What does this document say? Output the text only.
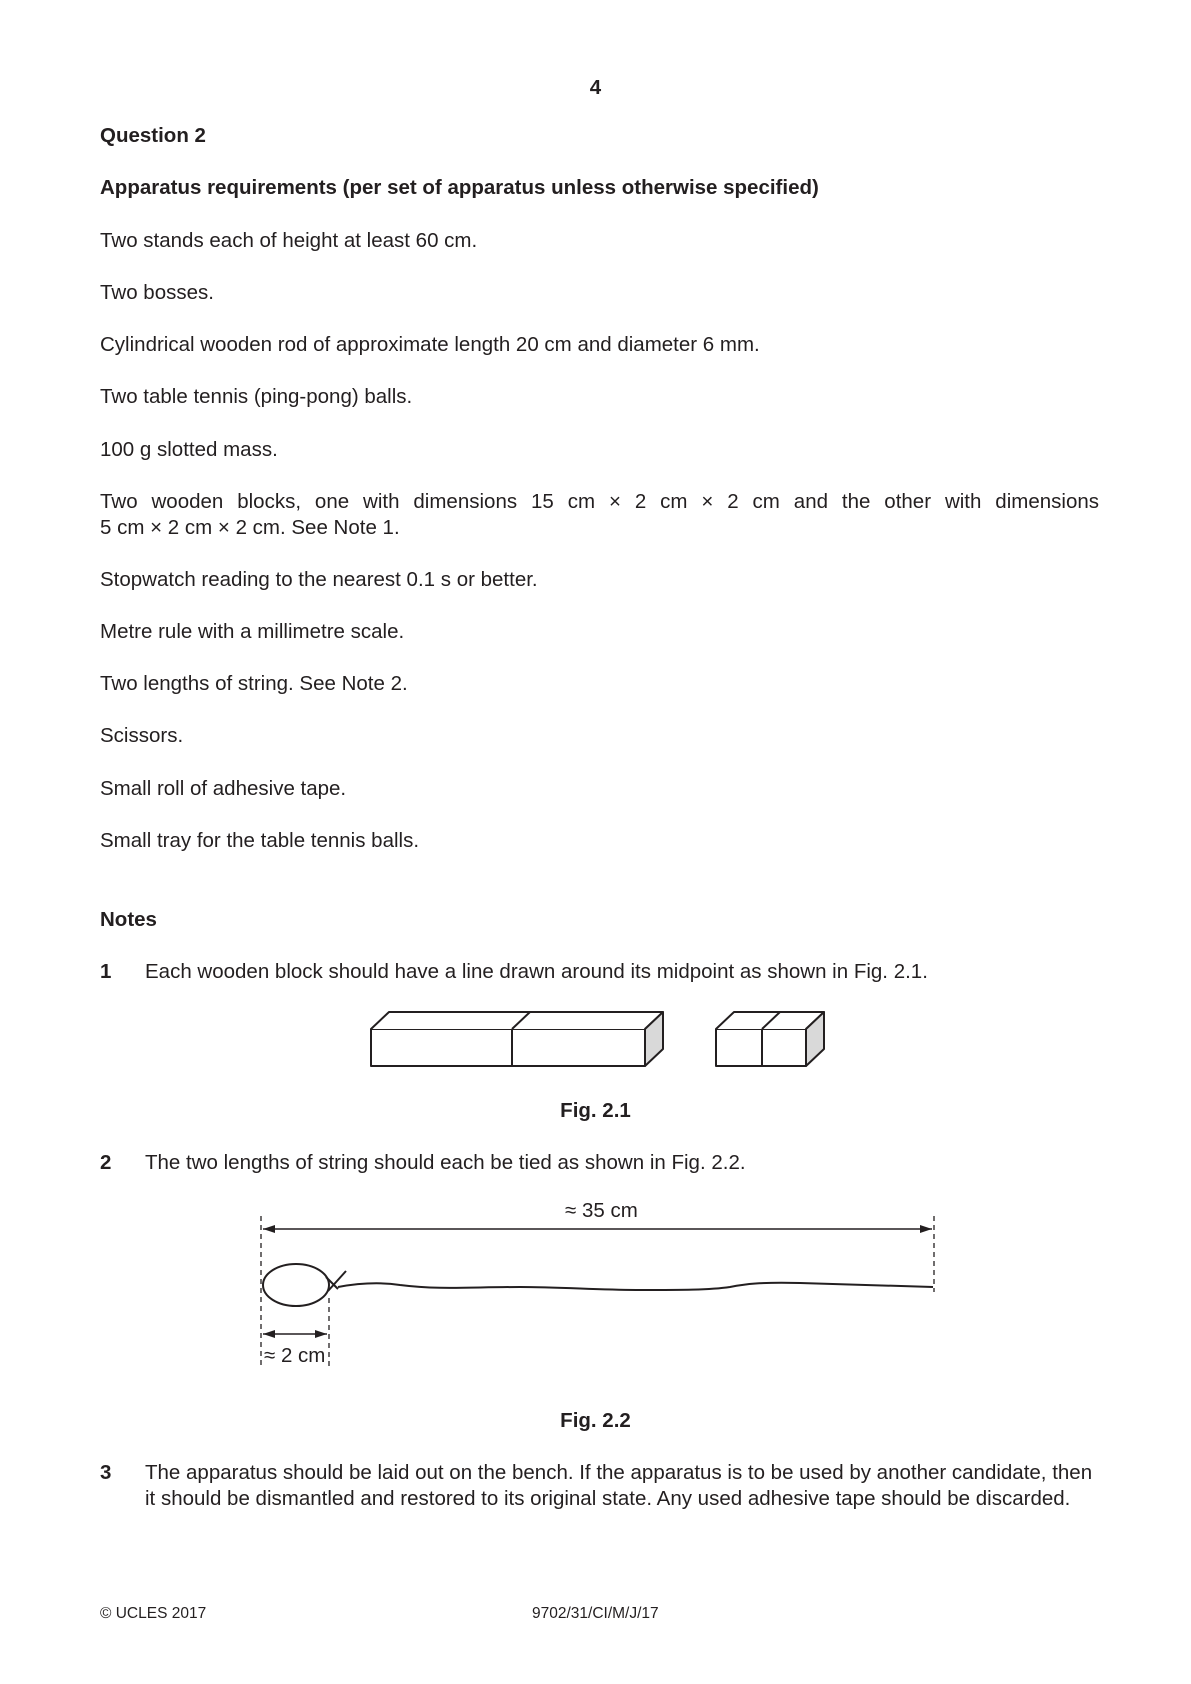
4
Question 2
Apparatus requirements (per set of apparatus unless otherwise specified)
Two stands each of height at least 60 cm.
Two bosses.
Cylindrical wooden rod of approximate length 20 cm and diameter 6 mm.
Two table tennis (ping-pong) balls.
100 g slotted mass.
Two wooden blocks, one with dimensions 15 cm × 2 cm × 2 cm and the other with dimensions
5 cm × 2 cm × 2 cm. See Note 1.
Stopwatch reading to the nearest 0.1 s or better.
Metre rule with a millimetre scale.
Two lengths of string. See Note 2.
Scissors.
Small roll of adhesive tape.
Small tray for the table tennis balls.
Notes
1 Each wooden block should have a line drawn around its midpoint as shown in Fig. 2.1.
Fig. 2.1
2 The two lengths of string should each be tied as shown in Fig. 2.2.
≈ 35 cm
≈ 2 cm
Fig. 2.2
3 The apparatus should be laid out on the bench. If the apparatus is to be used by another candidate, then it should be dismantled and restored to its original state. Any used adhesive tape should be discarded.
© UCLES 2017	9702/31/CI/M/J/17
